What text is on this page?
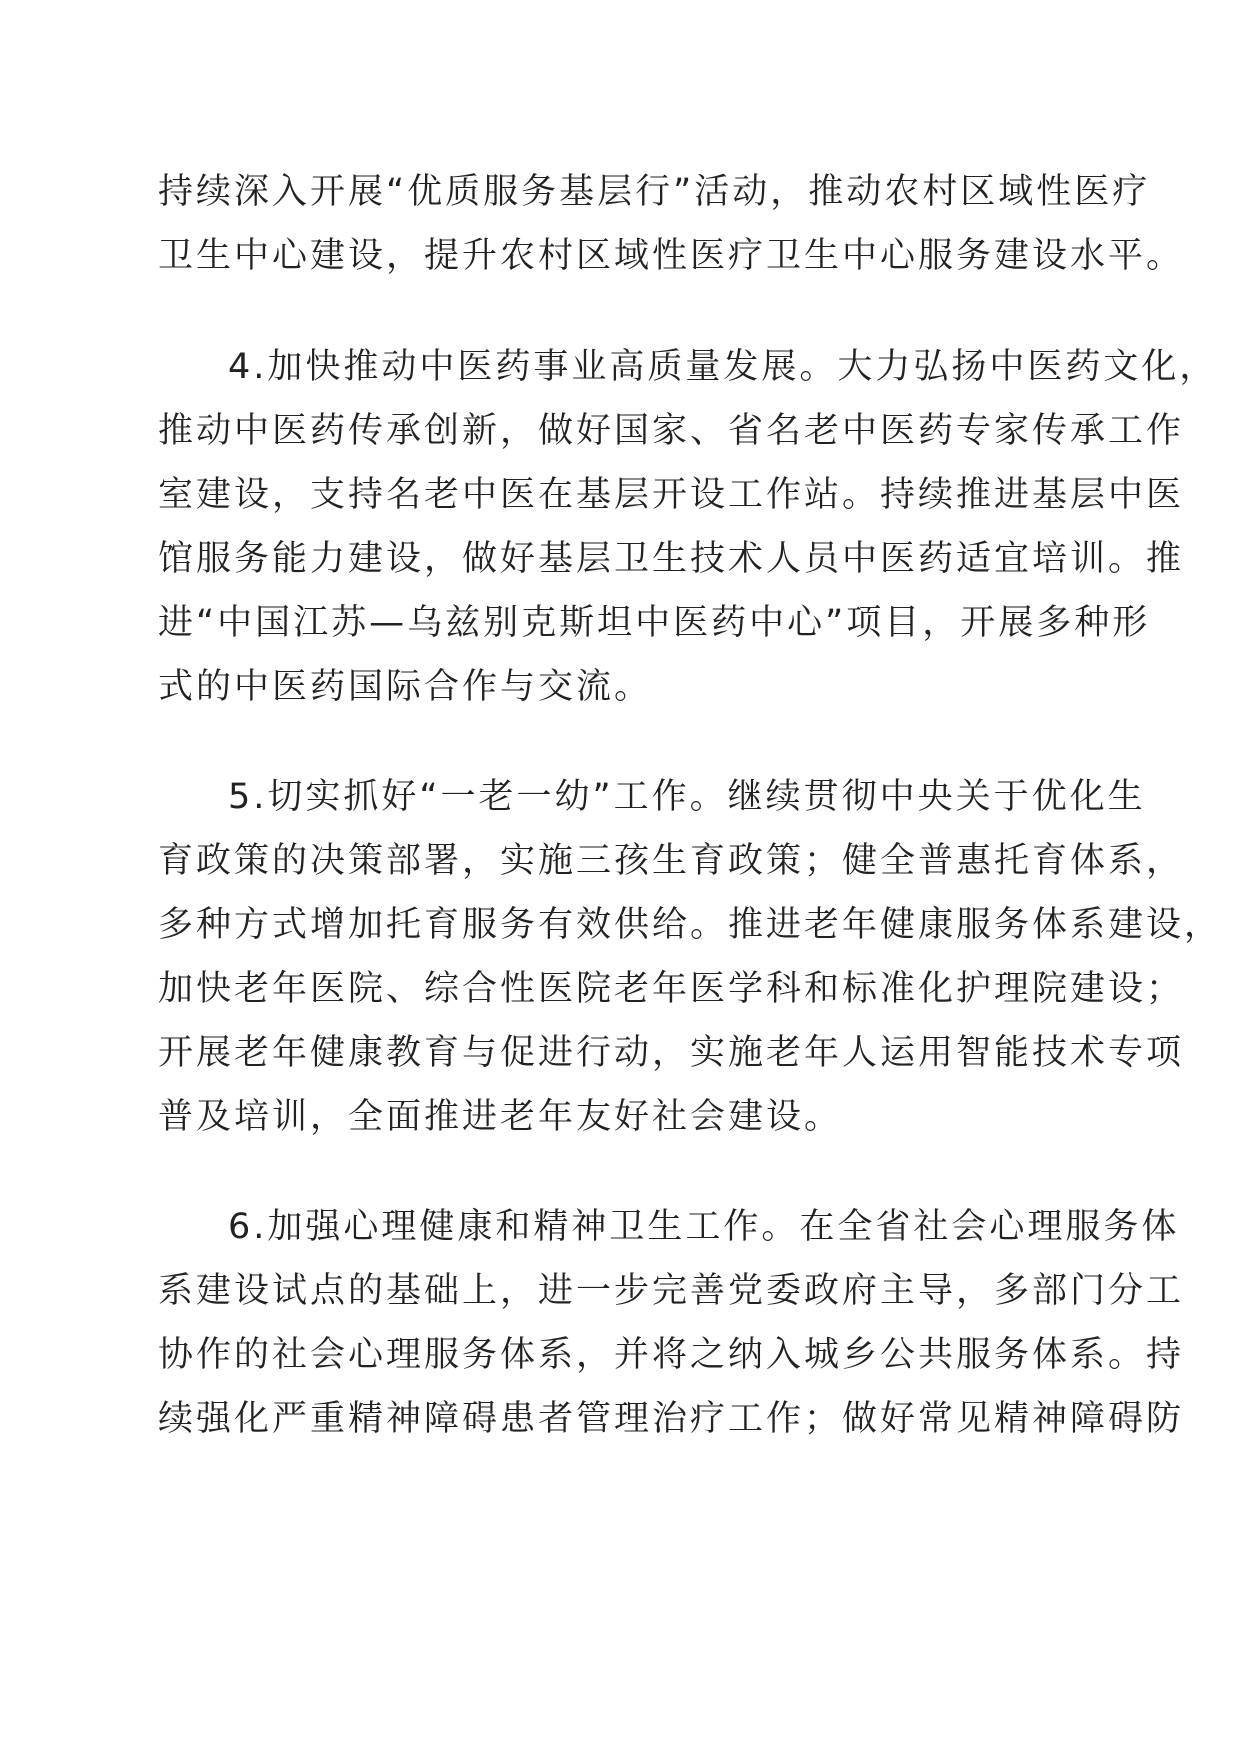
持续深入开展“优质服务基层行”活动，推动农村区域性医疗
卫生中心建设，提升农村区域性医疗卫生中心服务建设水平。
4.加快推动中医药事业高质量发展。大力弘扬中医药文化，
推动中医药传承创新，做好国家、省名老中医药专家传承工作
室建设，支持名老中医在基层开设工作站。持续推进基层中医
馆服务能力建设，做好基层卫生技术人员中医药适宜培训。推
进“中国江苏—乌兹别克斯坦中医药中心”项目，开展多种形
式的中医药国际合作与交流。
5.切实抓好“一老一幼”工作。继续贯彻中央关于优化生
育政策的决策部署，实施三孩生育政策；健全普惠托育体系，
多种方式增加托育服务有效供给。推进老年健康服务体系建设，
加快老年医院、综合性医院老年医学科和标准化护理院建设；
开展老年健康教育与促进行动，实施老年人运用智能技术专项
普及培训，全面推进老年友好社会建设。
6.加强心理健康和精神卫生工作。在全省社会心理服务体
系建设试点的基础上，进一步完善党委政府主导，多部门分工
协作的社会心理服务体系，并将之纳入城乡公共服务体系。持
续强化严重精神障碍患者管理治疗工作；做好常见精神障碍防
